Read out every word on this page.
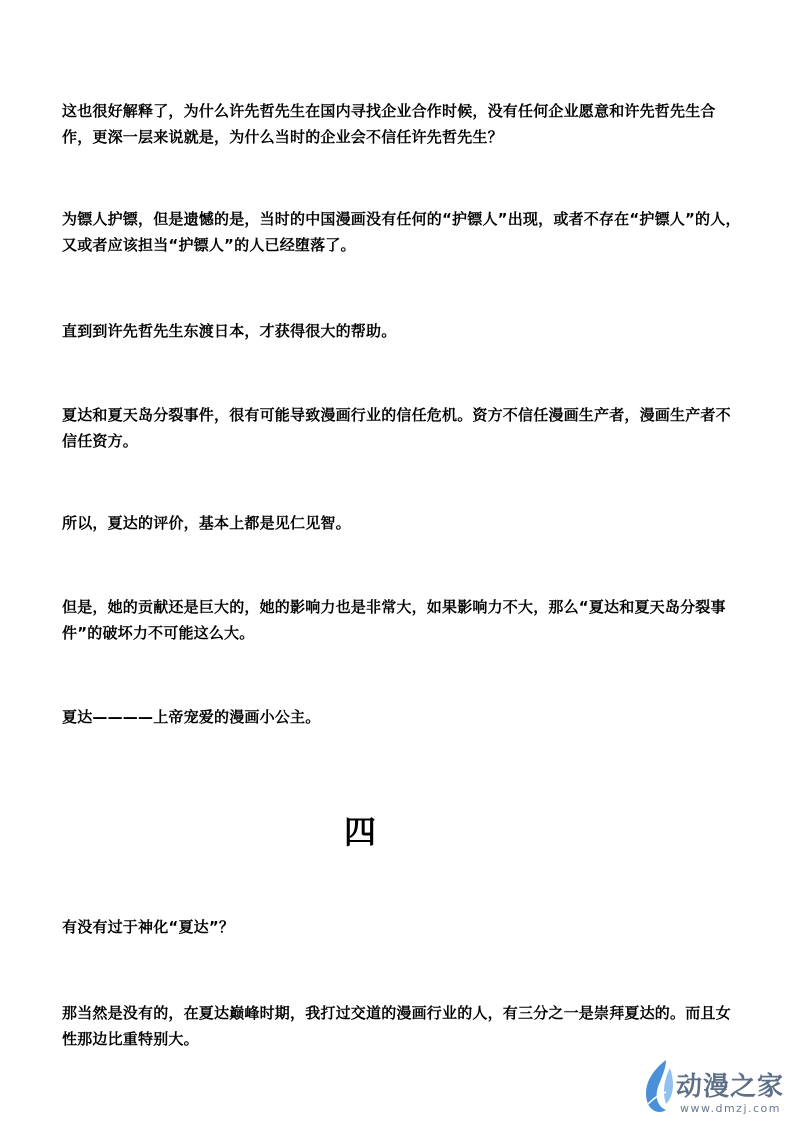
这也很好解释了，为什么许先哲先生在国内寻找企业合作时候，没有任何企业愿意和许先哲先生合作，更深一层来说就是，为什么当时的企业会不信任许先哲先生？

为镖人护镖，但是遗憾的是，当时的中国漫画没有任何的“护镖人”出现，或者不存在“护镖人”的人，又或者应该担当“护镖人”的人已经堕落了。

直到到许先哲先生东渡日本，才获得很大的帮助。

夏达和夏天岛分裂事件，很有可能导致漫画行业的信任危机。资方不信任漫画生产者，漫画生产者不信任资方。

所以，夏达的评价，基本上都是见仁见智。

但是，她的贡献还是巨大的，她的影响力也是非常大，如果影响力不大，那么“夏达和夏天岛分裂事件”的破坏力不可能这么大。

夏达————上帝宠爱的漫画小公主。

四

有没有过于神化“夏达”？

那当然是没有的，在夏达巅峰时期，我打过交道的漫画行业的人，有三分之一是崇拜夏达的。而且女性那边比重特别大。

动漫之家
www.dmzj.com
